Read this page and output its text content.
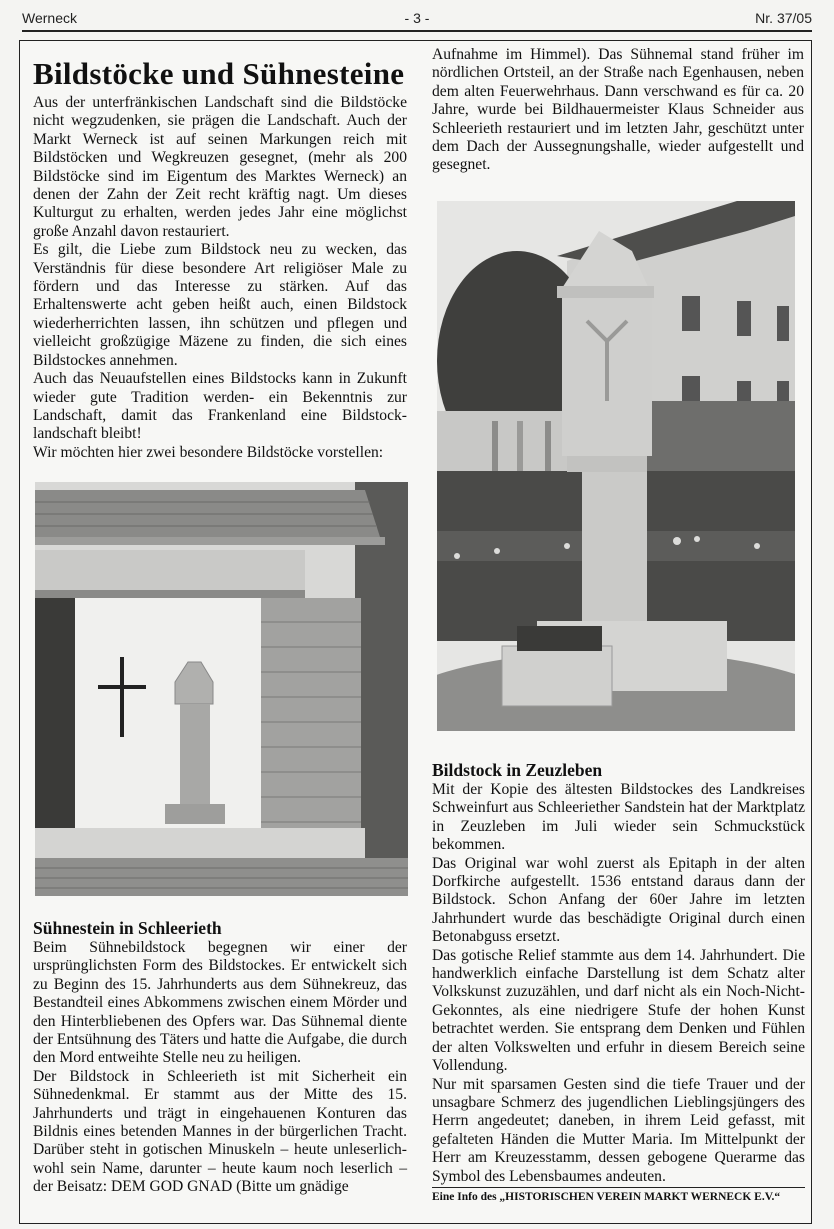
Werneck	- 3 -	Nr. 37/05
Bildstöcke und Sühnesteine

Aus der unterfränkischen Landschaft sind die Bildstöcke nicht wegzudenken, sie prägen die Landschaft. Auch der Markt Werneck ist auf seinen Markungen reich mit Bildstöcken und Wegkreuzen gesegnet, (mehr als 200 Bildstöcke sind im Eigentum des Marktes Werneck) an denen der Zahn der Zeit recht kräftig nagt. Um dieses Kulturgut zu erhalten, werden jedes Jahr eine möglichst große Anzahl davon restauriert.

Es gilt, die Liebe zum Bildstock neu zu wecken, das Verständnis für diese besondere Art religiöser Male zu fördern und das Interesse zu stärken. Auf das Erhaltenswerte acht geben heißt auch, einen Bildstock wiederherrichten lassen, ihn schützen und pflegen und vielleicht großzügige Mäzene zu finden, die sich eines Bildstockes annehmen.

Auch das Neuaufstellen eines Bildstocks kann in Zukunft wieder gute Tradition werden- ein Bekenntnis zur Landschaft, damit das Frankenland eine Bildstock-landschaft bleibt!

Wir möchten hier zwei besondere Bildstöcke vorstellen:

Sühnestein in Schleerieth

Beim Sühnebildstock begegnen wir einer der ursprünglichsten Form des Bildstockes. Er entwickelt sich zu Beginn des 15. Jahrhunderts aus dem Sühnekreuz, das Bestandteil eines Abkommens zwischen einem Mörder und den Hinterbliebenen des Opfers war. Das Sühnemal diente der Entsühnung des Täters und hatte die Aufgabe, die durch den Mord entweihte Stelle neu zu heiligen.

Der Bildstock in Schleerieth ist mit Sicherheit ein Sühnedenkmal. Er stammt aus der Mitte des 15. Jahrhunderts und trägt in eingehauenen Konturen das Bildnis eines betenden Mannes in der bürgerlichen Tracht. Darüber steht in gotischen Minuskeln – heute unleserlich- wohl sein Name, darunter – heute kaum noch leserlich – der Beisatz: DEM GOD GNAD (Bitte um gnädige

Aufnahme im Himmel). Das Sühnemal stand früher im nördlichen Ortsteil, an der Straße nach Egenhausen, neben dem alten Feuerwehrhaus. Dann verschwand es für ca. 20 Jahre, wurde bei Bildhauermeister Klaus Schneider aus Schleerieth restauriert und im letzten Jahr, geschützt unter dem Dach der Aussegnungshalle, wieder aufgestellt und gesegnet.

Bildstock in Zeuzleben

Mit der Kopie des ältesten Bildstockes des Landkreises Schweinfurt aus Schleeriether Sandstein hat der Marktplatz in Zeuzleben im Juli wieder sein Schmuckstück bekommen.

Das Original war wohl zuerst als Epitaph in der alten Dorfkirche aufgestellt. 1536 entstand daraus dann der Bildstock. Schon Anfang der 60er Jahre im letzten Jahrhundert wurde das beschädigte Original durch einen Betonabguss ersetzt.

Das gotische Relief stammte aus dem 14. Jahrhundert. Die handwerklich einfache Darstellung ist dem Schatz alter Volkskunst zuzuzählen, und darf nicht als ein Noch-Nicht-Gekonntes, als eine niedrigere Stufe der hohen Kunst betrachtet werden. Sie entsprang dem Denken und Fühlen der alten Volkswelten und erfuhr in diesem Bereich seine Vollendung.

Nur mit sparsamen Gesten sind die tiefe Trauer und der unsagbare Schmerz des jugendlichen Lieblingsjüngers des Herrn angedeutet; daneben, in ihrem Leid gefasst, mit gefalteten Händen die Mutter Maria. Im Mittelpunkt der Herr am Kreuzesstamm, dessen gebogene Querarme das Symbol des Lebensbaumes andeuten.

Eine Info des „HISTORISCHEN VEREIN MARKT WERNECK E.V.“
